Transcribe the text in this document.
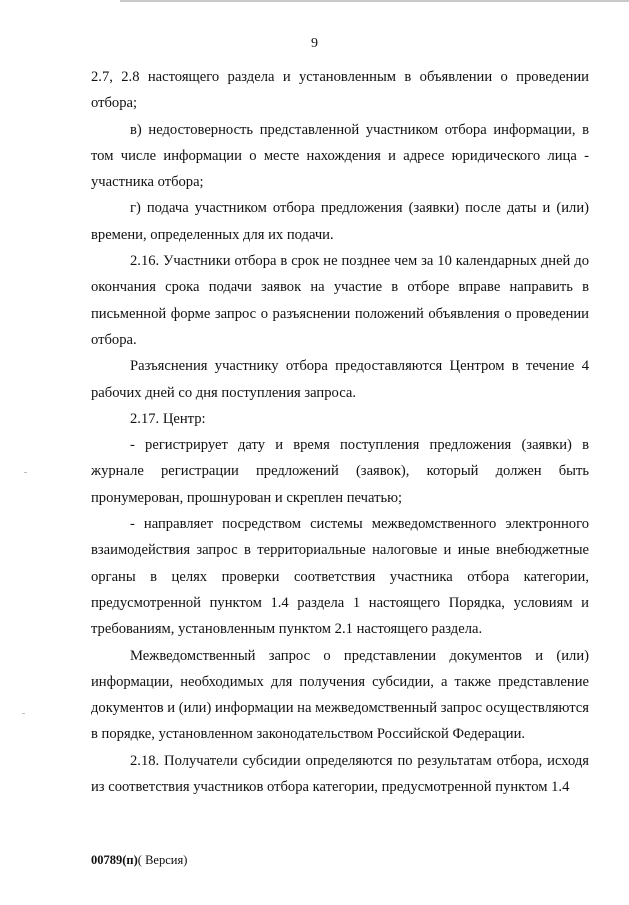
9

2.7, 2.8 настоящего раздела и установленным в объявлении о проведении отбора;

в) недостоверность представленной участником отбора информации, в том числе информации о месте нахождения и адресе юридического лица - участника отбора;

г) подача участником отбора предложения (заявки) после даты и (или) времени, определенных для их подачи.

2.16. Участники отбора в срок не позднее чем за 10 календарных дней до окончания срока подачи заявок на участие в отборе вправе направить в письменной форме запрос о разъяснении положений объявления о проведении отбора.

Разъяснения участнику отбора предоставляются Центром в течение 4 рабочих дней со дня поступления запроса.

2.17. Центр:

- регистрирует дату и время поступления предложения (заявки) в журнале регистрации предложений (заявок), который должен быть пронумерован, прошнурован и скреплен печатью;

- направляет посредством системы межведомственного электронного взаимодействия запрос в территориальные налоговые и иные внебюджетные органы в целях проверки соответствия участника отбора категории, предусмотренной пунктом 1.4 раздела 1 настоящего Порядка, условиям и требованиям, установленным пунктом 2.1 настоящего раздела.

Межведомственный запрос о представлении документов и (или) информации, необходимых для получения субсидии, а также представление документов и (или) информации на межведомственный запрос осуществляются в порядке, установленном законодательством Российской Федерации.

2.18. Получатели субсидии определяются по результатам отбора, исходя из соответствия участников отбора категории, предусмотренной пунктом 1.4

00789(п)( Версия)
